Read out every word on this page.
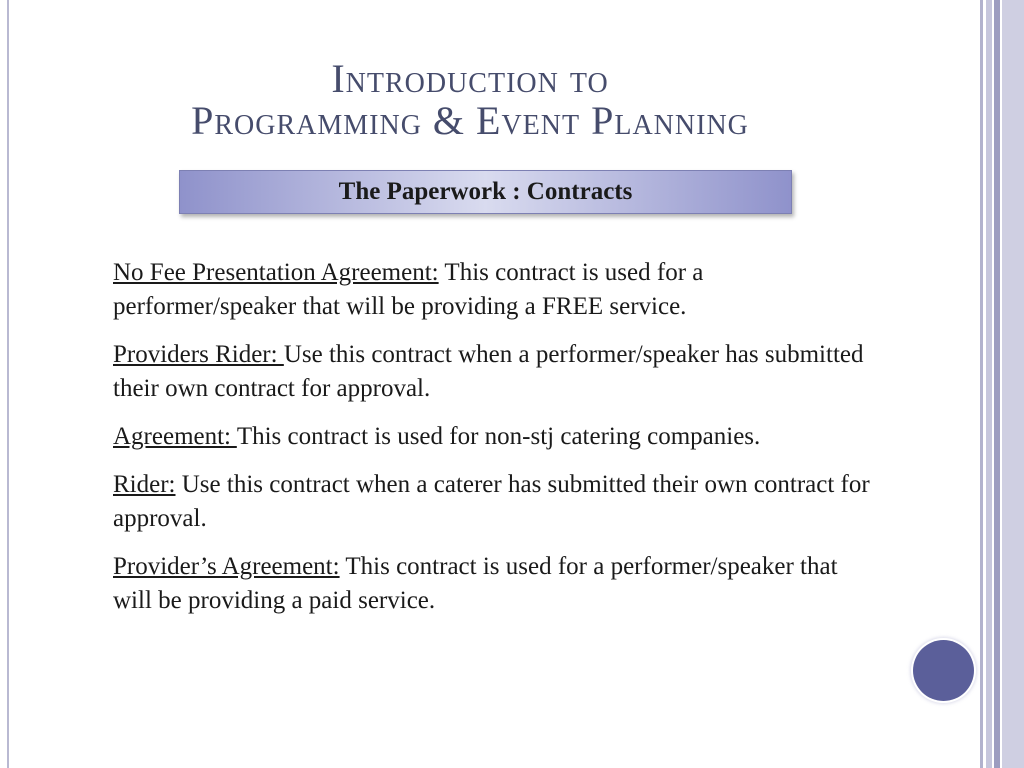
Introduction to
Programming & Event Planning
The Paperwork : Contracts

No Fee Presentation Agreement: This contract is used for a performer/speaker that will be providing a FREE service.

Providers Rider: Use this contract when a performer/speaker has submitted their own contract for approval.

Agreement: This contract is used for non-stj catering companies.

Rider: Use this contract when a caterer has submitted their own contract for approval.

Provider’s Agreement: This contract is used for a performer/speaker that will be providing a paid service.
